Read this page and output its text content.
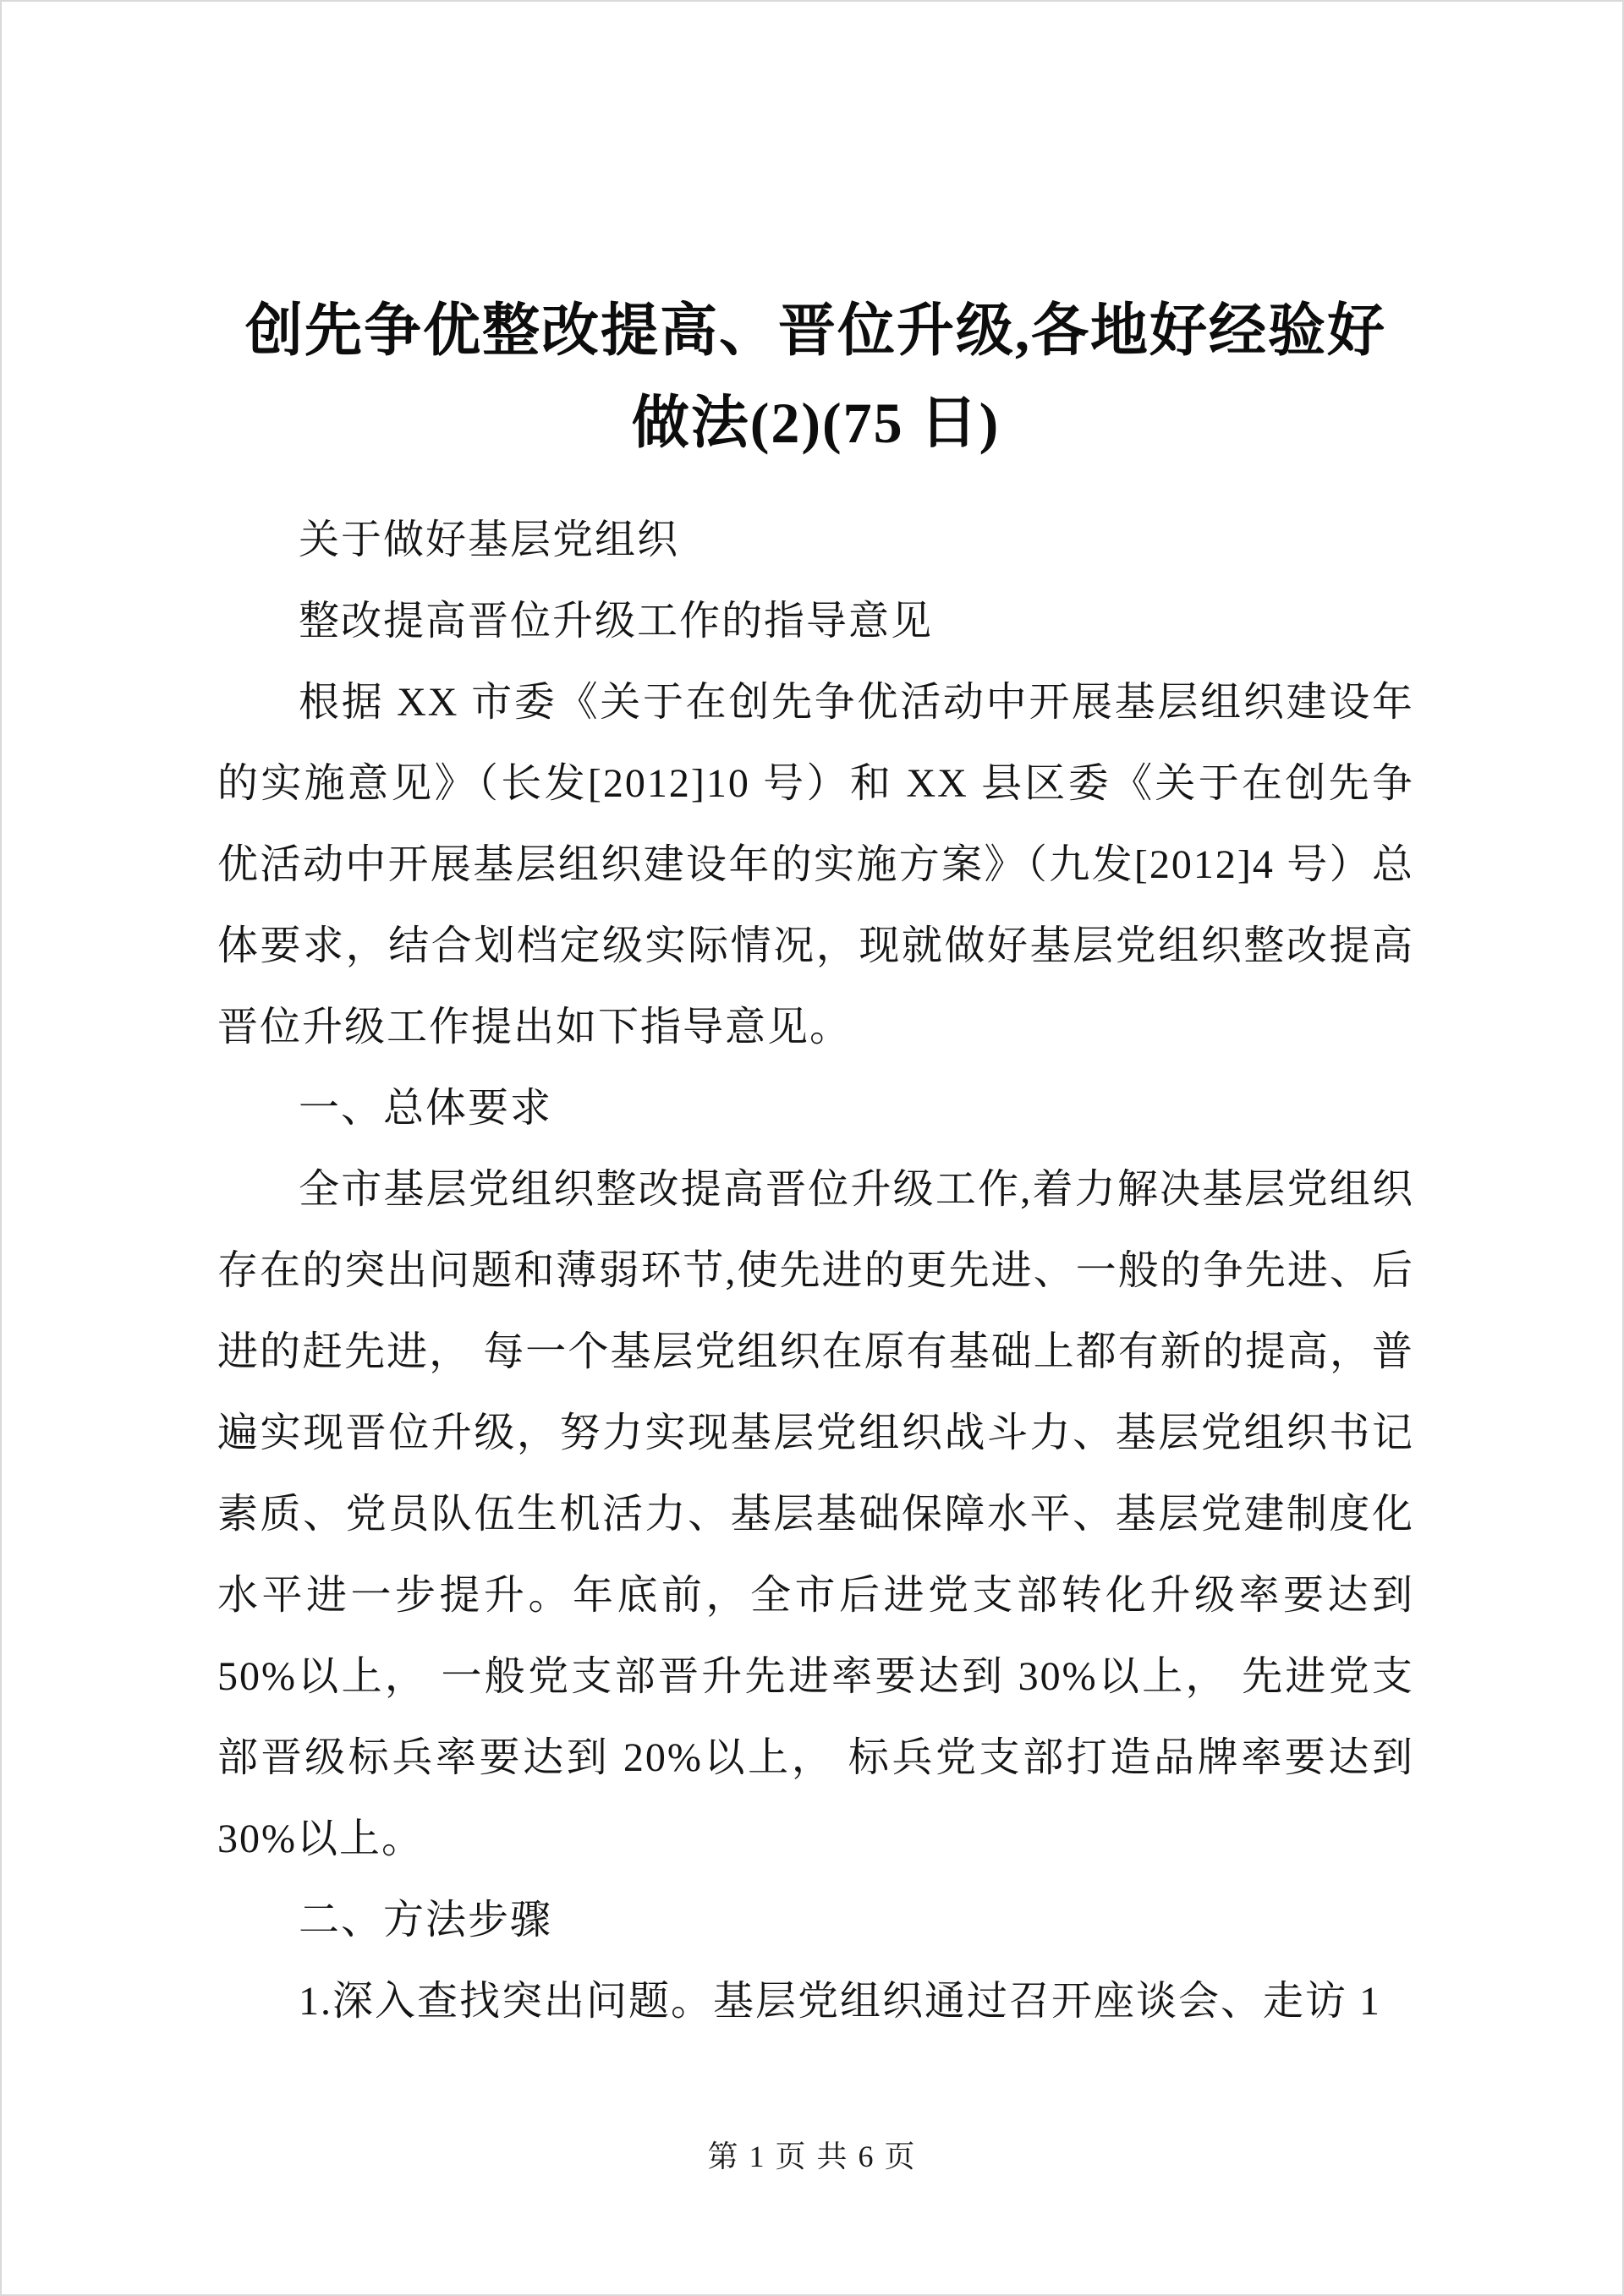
创先争优整改提高、晋位升级,各地好经验好做法(2)(75 日)

关于做好基层党组织

整改提高晋位升级工作的指导意见

根据 XX 市委《关于在创先争优活动中开展基层组织建设年的实施意见》（长发[2012]10 号）和 XX 县区委《关于在创先争优活动中开展基层组织建设年的实施方案》（九发[2012]4 号）总体要求，结合划档定级实际情况，现就做好基层党组织整改提高晋位升级工作提出如下指导意见。

一、总体要求

全市基层党组织整改提高晋位升级工作,着力解决基层党组织存在的突出问题和薄弱环节,使先进的更先进、一般的争先进、后进的赶先进， 每一个基层党组织在原有基础上都有新的提高，普遍实现晋位升级，努力实现基层党组织战斗力、基层党组织书记素质、党员队伍生机活力、基层基础保障水平、基层党建制度化水平进一步提升。年底前，全市后进党支部转化升级率要达到 50%以上， 一般党支部晋升先进率要达到 30%以上， 先进党支部晋级标兵率要达到 20%以上， 标兵党支部打造品牌率要达到 30%以上。

二、方法步骤

1.深入查找突出问题。基层党组织通过召开座谈会、走访 1

第 1 页 共 6 页
